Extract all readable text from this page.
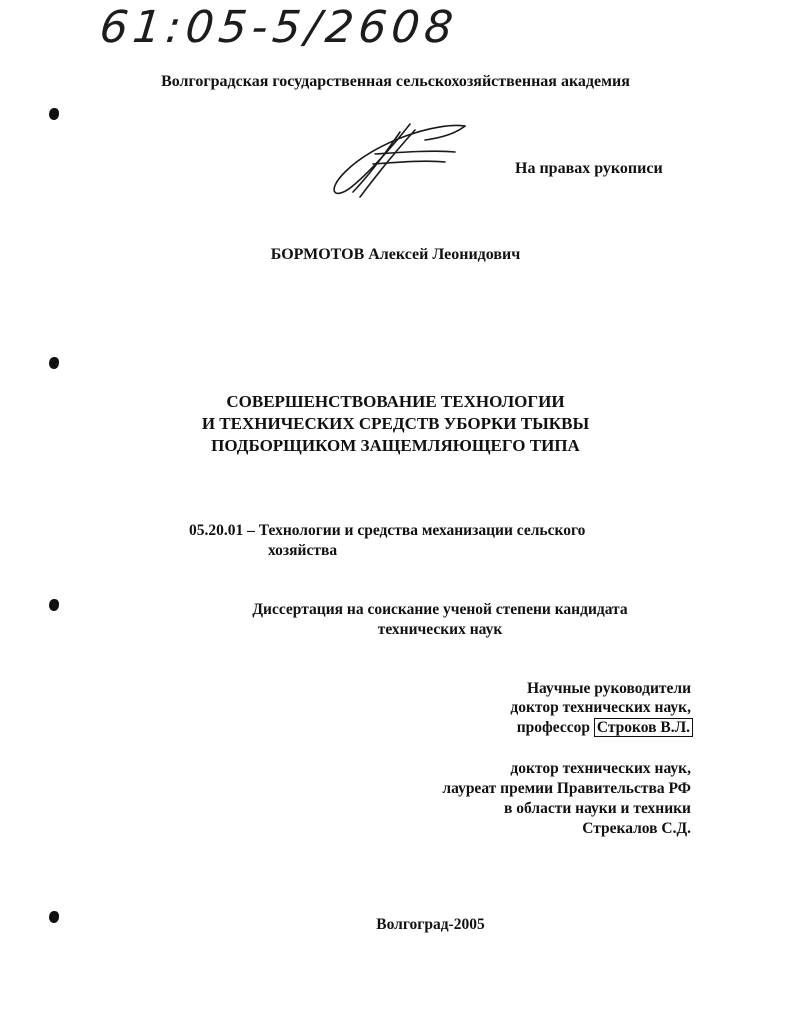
61:05-5/2608
Волгоградская государственная сельскохозяйственная академия
На правах рукописи
БОРМОТОВ Алексей Леонидович
СОВЕРШЕНСТВОВАНИЕ ТЕХНОЛОГИИ
И ТЕХНИЧЕСКИХ СРЕДСТВ УБОРКИ ТЫКВЫ
ПОДБОРЩИКОМ ЗАЩЕМЛЯЮЩЕГО ТИПА
05.20.01 – Технологии и средства механизации сельского
хозяйства
Диссертация на соискание ученой степени кандидата
технических наук
Научные руководители
доктор технических наук,
профессор Строков В.Л.
доктор технических наук,
лауреат премии Правительства РФ
в области науки и техники
Стрекалов С.Д.
Волгоград-2005
